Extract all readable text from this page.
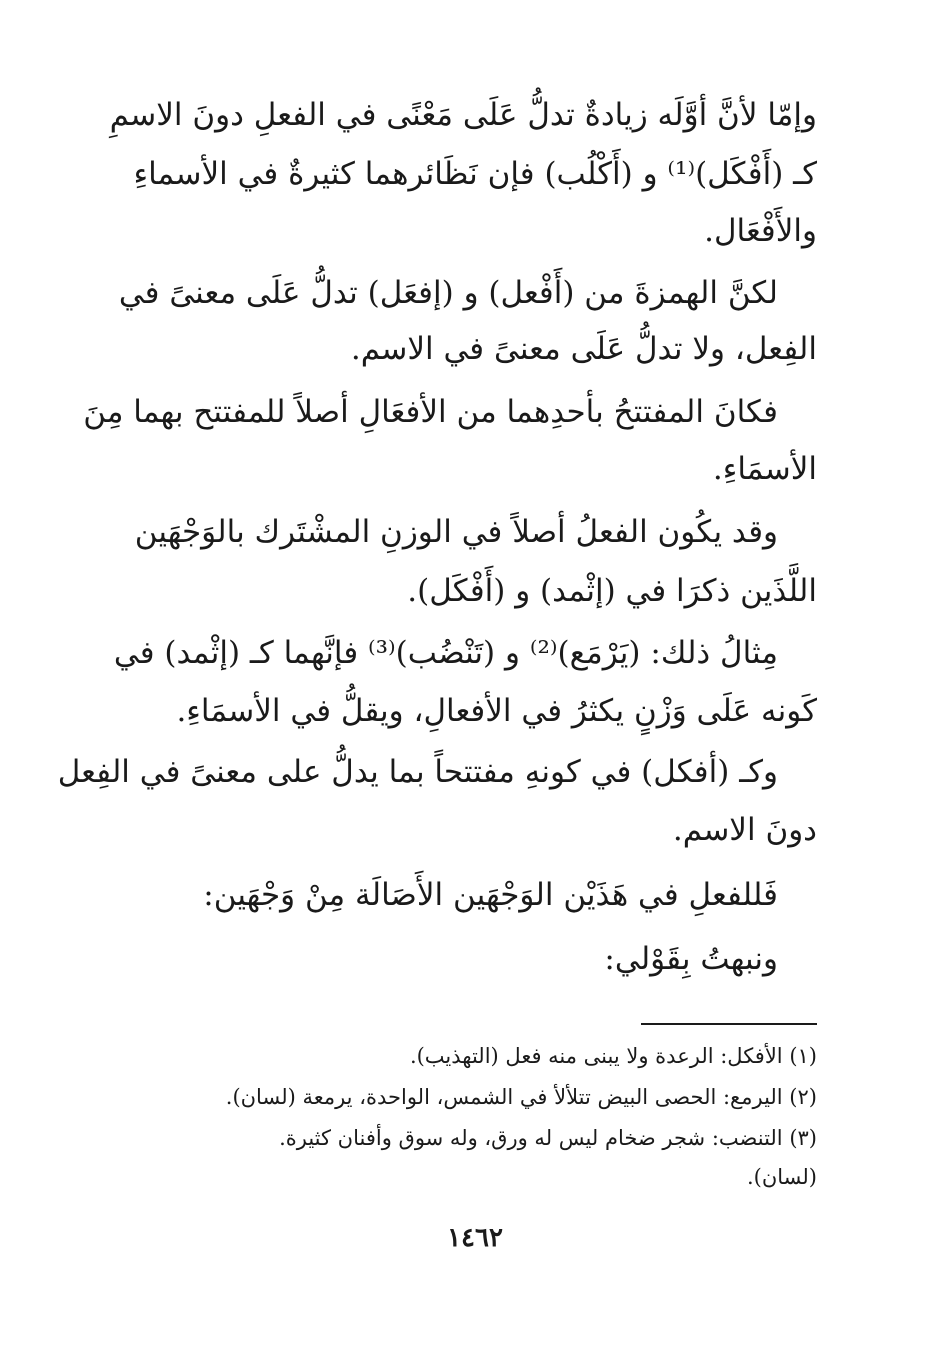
وإمّا لأنَّ أوَّلَه زيادةٌ تدلُّ عَلَى مَعْنًى في الفعلِ دونَ الاسمِ
كـ (أَفْكَل)⁽¹⁾ و (أَكْلُب) فإن نَظَائرهما كثيرةٌ في الأسماءِ
والأَفْعَال.
لكنَّ الهمزةَ من (أَفْعل) و (إفعَل) تدلُّ عَلَى معنىً في
الفِعل، ولا تدلُّ عَلَى معنىً في الاسم.
فكانَ المفتتحُ بأحدِهما من الأفعَالِ أصلاً للمفتتح بهما مِنَ
الأسمَاءِ.
وقد يكُون الفعلُ أصلاً في الوزنِ المشْتَرك بالوَجْهَين
اللَّذَين ذكرَا في (إثْمد) و (أَفْكَل).
مِثالُ ذلك: (يَرْمَع)⁽²⁾ و (تَنْضُب)⁽³⁾ فإنَّهما كـ (إثْمد) في
كَونه عَلَى وَزْنٍ يكثرُ في الأفعالِ، ويقلُّ في الأسمَاءِ.
وكـ (أفكل) في كونهِ مفتتحاً بما يدلُّ على معنىً في الفِعل
دونَ الاسم.
فَللفعلِ في هَذَيْن الوَجْهَين الأَصَالَة مِنْ وَجْهَين:
ونبهتُ بِقَوْلي:
(١) الأفكل: الرعدة ولا يبنى منه فعل (التهذيب).
(٢) اليرمع: الحصى البيض تتلألأ في الشمس، الواحدة، يرمعة (لسان).
(٣) التنضب: شجر ضخام ليس له ورق، وله سوق وأفنان كثيرة.
(لسان).
١٤٦٢
